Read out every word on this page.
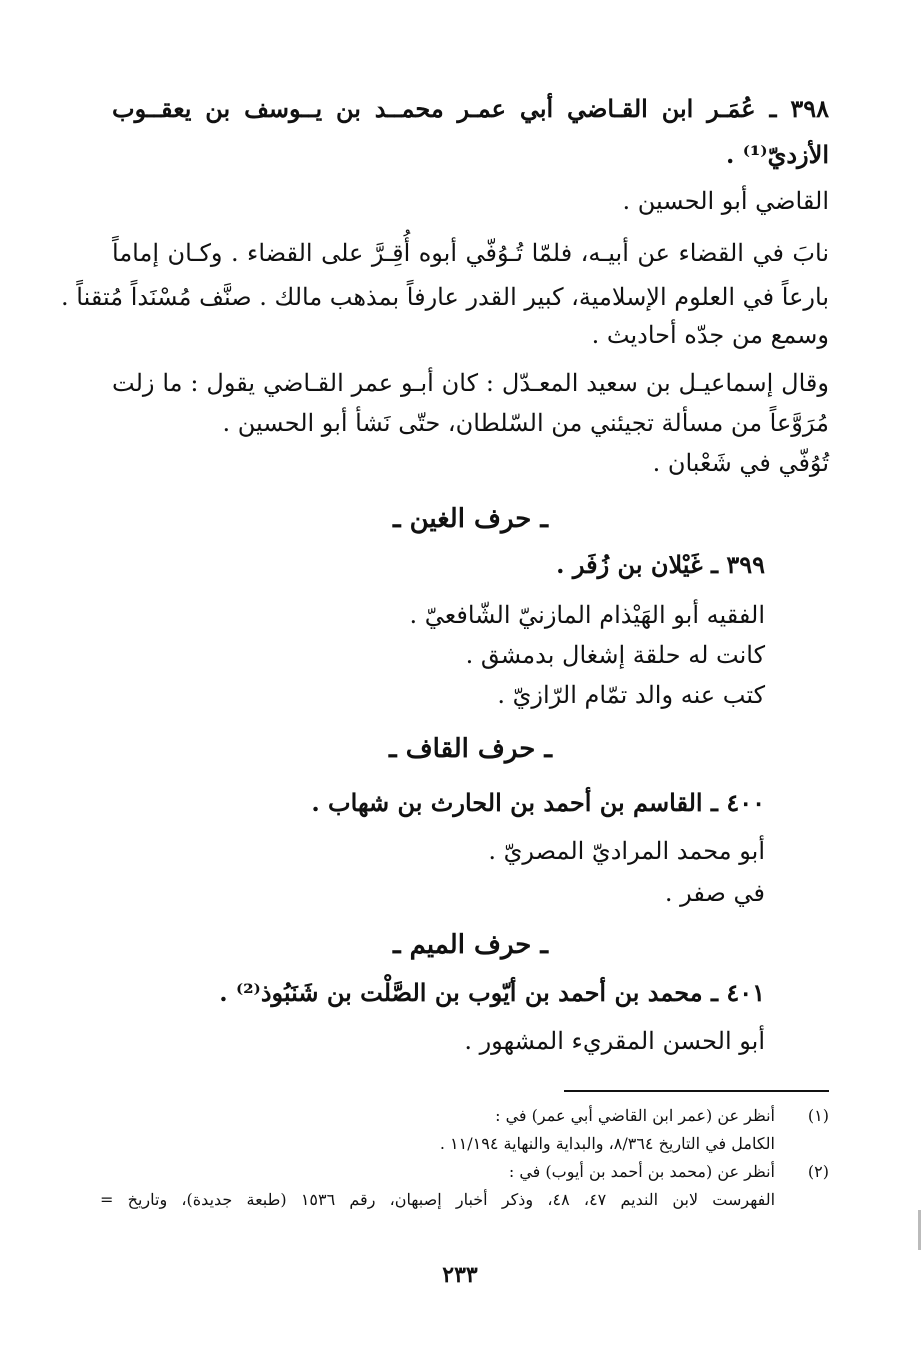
٣٩٨ ـ عُمَـر ابن القـاضي أبي عمـر محمــد بن يــوسف بن يعقــوب

الأزديّ⁽¹⁾ .

القاضي أبو الحسين .

نابَ في القضاء عن أبيـه، فلمّا تُـوُفّي أبوه أُقِـرَّ على القضاء . وكـان إماماً

بارعاً في العلوم الإسلامية، كبير القدر عارفاً بمذهب مالك . صنَّف مُسْنَداً مُتقناً .

وسمع من جدّه أحاديث .

وقال إسماعيـل بن سعيد المعـدّل : كان أبـو عمر القـاضي يقول : ما زلت

مُرَوَّعاً من مسألة تجيئني من السّلطان، حتّى نَشأ أبو الحسين .

تُوُفّي في شَعْبان .

ـ حرف الغين ـ

٣٩٩ ـ غَيْلان بن زُفَر .

الفقيه أبو الهَيْذام المازنيّ الشّافعيّ .

كانت له حلقة إشغال بدمشق .

كتب عنه والد تمّام الرّازيّ .

ـ حرف القاف ـ

٤٠٠ ـ القاسم بن أحمد بن الحارث بن شهاب .

أبو محمد المراديّ المصريّ .

في صفر .

ـ حرف الميم ـ

٤٠١ ـ محمد بن أحمد بن أيّوب بن الصَّلْت بن شَنَبُوذ⁽²⁾ .

أبو الحسن المقريء المشهور .

(١)

أنظر عن (عمر ابن القاضي أبي عمر) في :

الكامل في التاريخ ٨/٣٦٤، والبداية والنهاية ١١/١٩٤ .

(٢)

أنظر عن (محمد بن أحمد بن أيوب) في :

الفهرست لابن النديم ٤٧، ٤٨، وذكر أخبار إصبهان، رقم ١٥٣٦ (طبعة جديدة)، وتاريخ =

٢٣٣
